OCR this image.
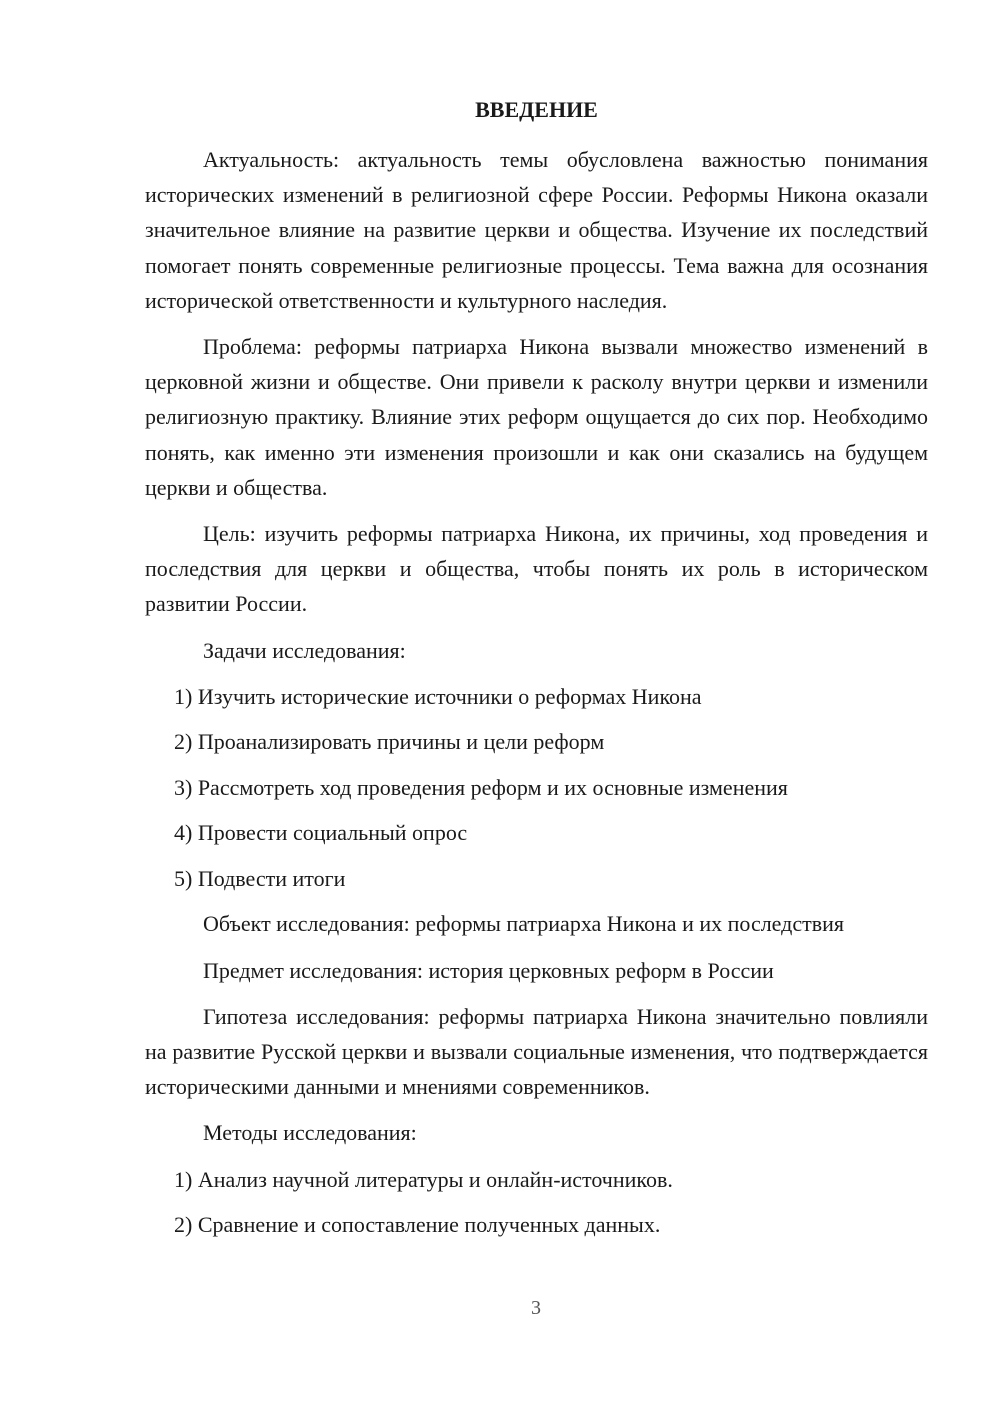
ВВЕДЕНИЕ

Актуальность: актуальность темы обусловлена важностью понимания исторических изменений в религиозной сфере России. Реформы Никона оказали значительное влияние на развитие церкви и общества. Изучение их последствий помогает понять современные религиозные процессы. Тема важна для осознания исторической ответственности и культурного наследия.

Проблема: реформы патриарха Никона вызвали множество изменений в церковной жизни и обществе. Они привели к расколу внутри церкви и изменили религиозную практику. Влияние этих реформ ощущается до сих пор. Необходимо понять, как именно эти изменения произошли и как они сказались на будущем церкви и общества.

Цель: изучить реформы патриарха Никона, их причины, ход проведения и последствия для церкви и общества, чтобы понять их роль в историческом развитии России.

Задачи исследования:

1) Изучить исторические источники о реформах Никона
2) Проанализировать причины и цели реформ
3) Рассмотреть ход проведения реформ и их основные изменения
4) Провести социальный опрос
5) Подвести итоги

Объект исследования: реформы патриарха Никона и их последствия

Предмет исследования: история церковных реформ в России

Гипотеза исследования: реформы патриарха Никона значительно повлияли на развитие Русской церкви и вызвали социальные изменения, что подтверждается историческими данными и мнениями современников.

Методы исследования:

1) Анализ научной литературы и онлайн-источников.
2) Сравнение и сопоставление полученных данных.
3
